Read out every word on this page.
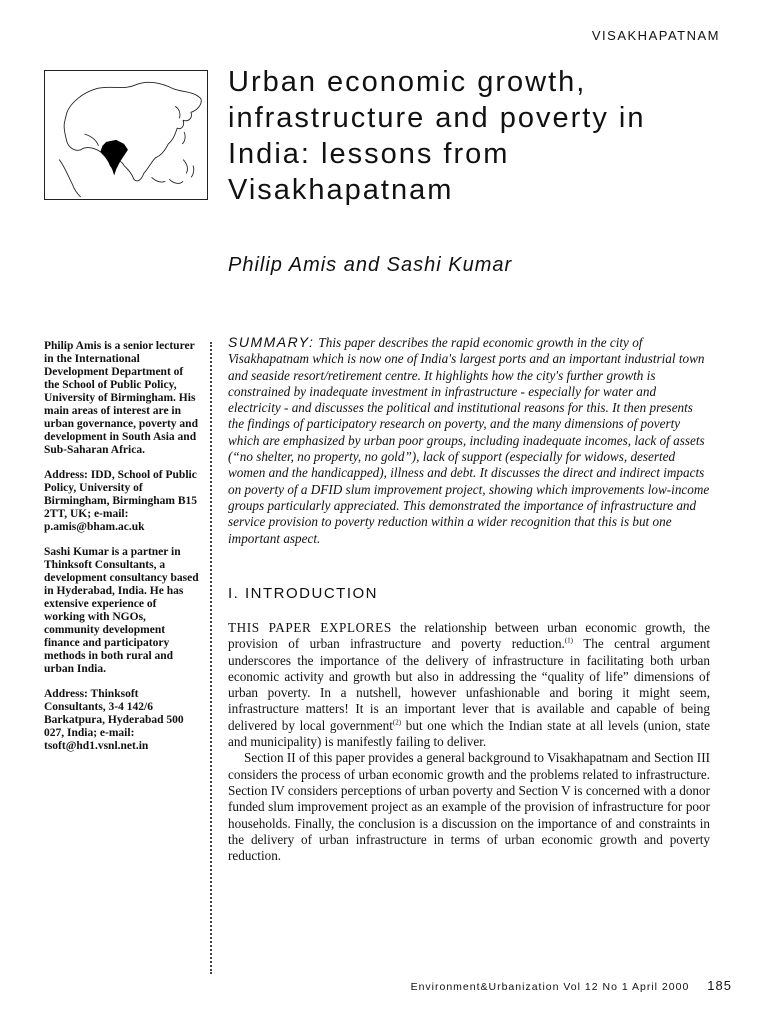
VISAKHAPATNAM
Urban economic growth, infrastructure and poverty in India: lessons from Visakhapatnam
Philip Amis and Sashi Kumar

Philip Amis is a senior lecturer in the International Development Department of the School of Public Policy, University of Birmingham. His main areas of interest are in urban governance, poverty and development in South Asia and Sub-Saharan Africa.

Address: IDD, School of Public Policy, University of Birmingham, Birmingham B15 2TT, UK; e-mail: p.amis@bham.ac.uk

Sashi Kumar is a partner in Thinksoft Consultants, a development consultancy based in Hyderabad, India. He has extensive experience of working with NGOs, community development finance and participatory methods in both rural and urban India.

Address: Thinksoft Consultants, 3-4 142/6 Barkatpura, Hyderabad 500 027, India; e-mail: tsoft@hd1.vsnl.net.in

SUMMARY: This paper describes the rapid economic growth in the city of Visakhapatnam which is now one of India's largest ports and an important industrial town and seaside resort/retirement centre. It highlights how the city's further growth is constrained by inadequate investment in infrastructure - especially for water and electricity - and discusses the political and institutional reasons for this. It then presents the findings of participatory research on poverty, and the many dimensions of poverty which are emphasized by urban poor groups, including inadequate incomes, lack of assets (“no shelter, no property, no gold”), lack of support (especially for widows, deserted women and the handicapped), illness and debt. It discusses the direct and indirect impacts on poverty of a DFID slum improvement project, showing which improvements low-income groups particularly appreciated. This demonstrated the importance of infrastructure and service provision to poverty reduction within a wider recognition that this is but one important aspect.

I. INTRODUCTION

THIS PAPER EXPLORES the relationship between urban economic growth, the provision of urban infrastructure and poverty reduction.$^{(1)}$ The central argument underscores the importance of the delivery of infrastructure in facilitating both urban economic activity and growth but also in addressing the “quality of life” dimensions of urban poverty. In a nutshell, however unfashionable and boring it might seem, infrastructure matters! It is an important lever that is available and capable of being delivered by local government$^{(2)}$ but one which the Indian state at all levels (union, state and municipality) is manifestly failing to deliver.

Section II of this paper provides a general background to Visakhapatnam and Section III considers the process of urban economic growth and the problems related to infrastructure. Section IV considers perceptions of urban poverty and Section V is concerned with a donor funded slum improvement project as an example of the provision of infrastructure for poor households. Finally, the conclusion is a discussion on the importance of and constraints in the delivery of urban infrastructure in terms of urban economic growth and poverty reduction.

Environment&Urbanization Vol 12 No 1 April 2000 185
